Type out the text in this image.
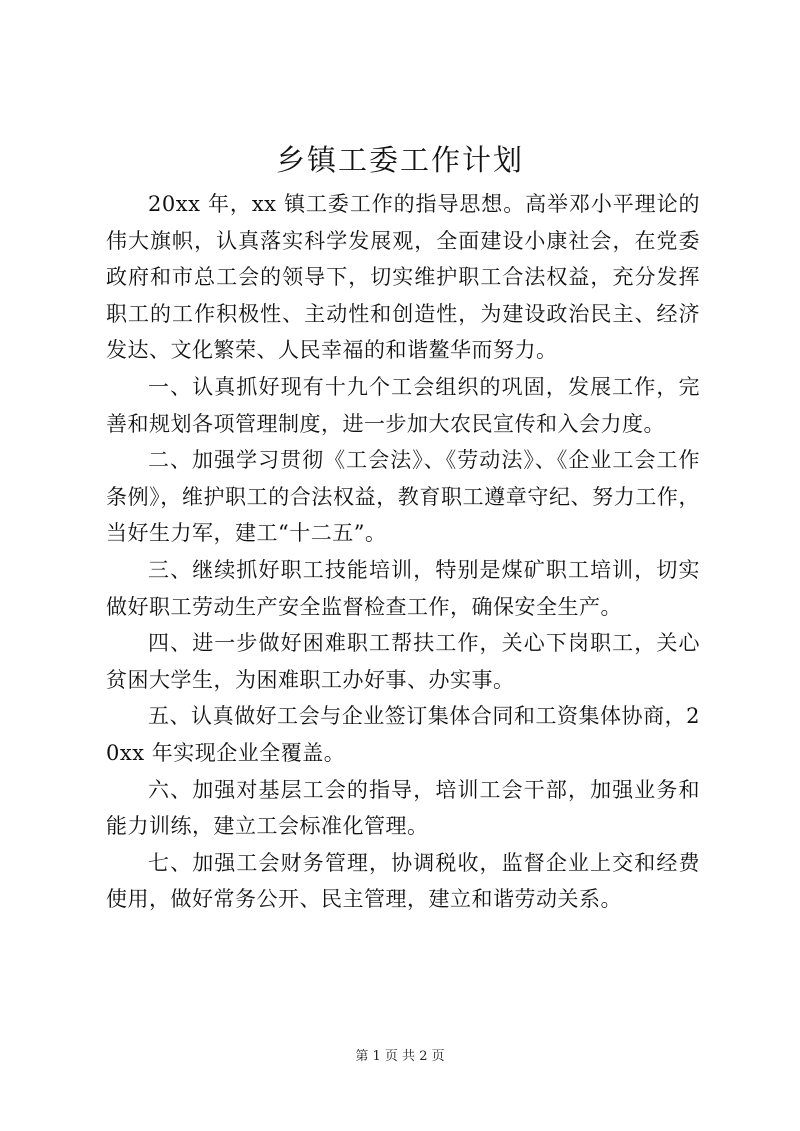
乡镇工委工作计划

20xx 年，xx 镇工委工作的指导思想。高举邓小平理论的伟大旗帜，认真落实科学发展观，全面建设小康社会，在党委政府和市总工会的领导下，切实维护职工合法权益，充分发挥职工的工作积极性、主动性和创造性，为建设政治民主、经济发达、文化繁荣、人民幸福的和谐鳌华而努力。

一、认真抓好现有十九个工会组织的巩固，发展工作，完善和规划各项管理制度，进一步加大农民宣传和入会力度。

二、加强学习贯彻《工会法》、《劳动法》、《企业工会工作条例》，维护职工的合法权益，教育职工遵章守纪、努力工作，当好生力军，建工“十二五”。

三、继续抓好职工技能培训，特别是煤矿职工培训，切实做好职工劳动生产安全监督检查工作，确保安全生产。

四、进一步做好困难职工帮扶工作，关心下岗职工，关心贫困大学生，为困难职工办好事、办实事。

五、认真做好工会与企业签订集体合同和工资集体协商，20xx 年实现企业全覆盖。

六、加强对基层工会的指导，培训工会干部，加强业务和能力训练，建立工会标准化管理。

七、加强工会财务管理，协调税收，监督企业上交和经费使用，做好常务公开、民主管理，建立和谐劳动关系。

第 1 页 共 2 页
